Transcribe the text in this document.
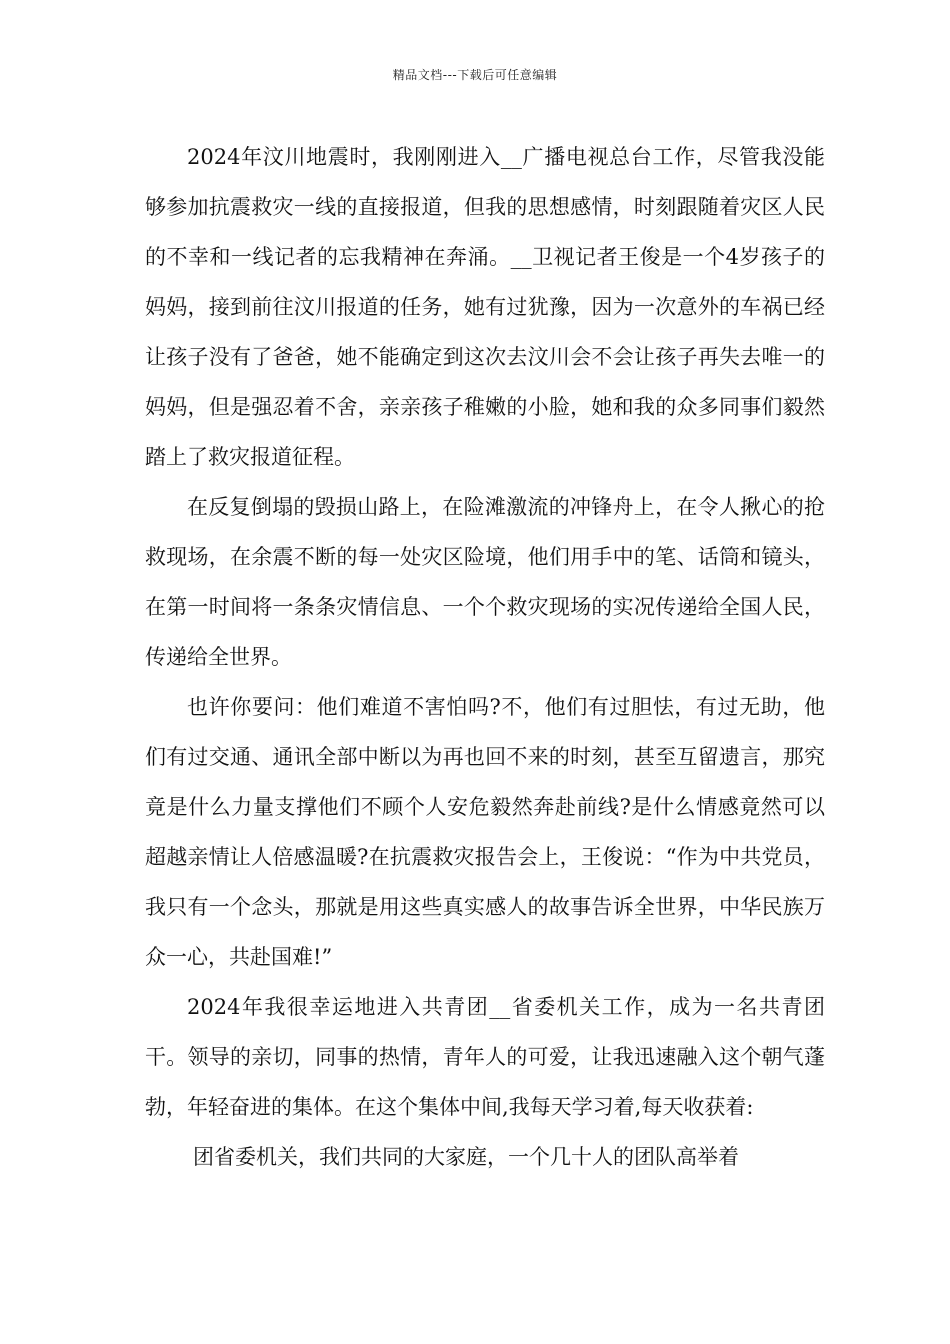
精品文档---下载后可任意编辑

2024年汶川地震时，我刚刚进入__广播电视总台工作，尽管我没能够参加抗震救灾一线的直接报道，但我的思想感情，时刻跟随着灾区人民的不幸和一线记者的忘我精神在奔涌。__卫视记者王俊是一个4岁孩子的妈妈，接到前往汶川报道的任务，她有过犹豫，因为一次意外的车祸已经让孩子没有了爸爸，她不能确定到这次去汶川会不会让孩子再失去唯一的妈妈，但是强忍着不舍，亲亲孩子稚嫩的小脸，她和我的众多同事们毅然踏上了救灾报道征程。

在反复倒塌的毁损山路上，在险滩激流的冲锋舟上，在令人揪心的抢救现场，在余震不断的每一处灾区险境，他们用手中的笔、话筒和镜头，在第一时间将一条条灾情信息、一个个救灾现场的实况传递给全国人民，传递给全世界。

也许你要问：他们难道不害怕吗?不，他们有过胆怯，有过无助，他们有过交通、通讯全部中断以为再也回不来的时刻，甚至互留遗言，那究竟是什么力量支撑他们不顾个人安危毅然奔赴前线?是什么情感竟然可以超越亲情让人倍感温暖?在抗震救灾报告会上，王俊说：“作为中共党员，我只有一个念头，那就是用这些真实感人的故事告诉全世界，中华民族万众一心，共赴国难!”

2024年我很幸运地进入共青团__省委机关工作，成为一名共青团干。领导的亲切，同事的热情，青年人的可爱，让我迅速融入这个朝气蓬勃，年轻奋进的集体。在这个集体中间,我每天学习着,每天收获着:

团省委机关，我们共同的大家庭，一个几十人的团队高举着
